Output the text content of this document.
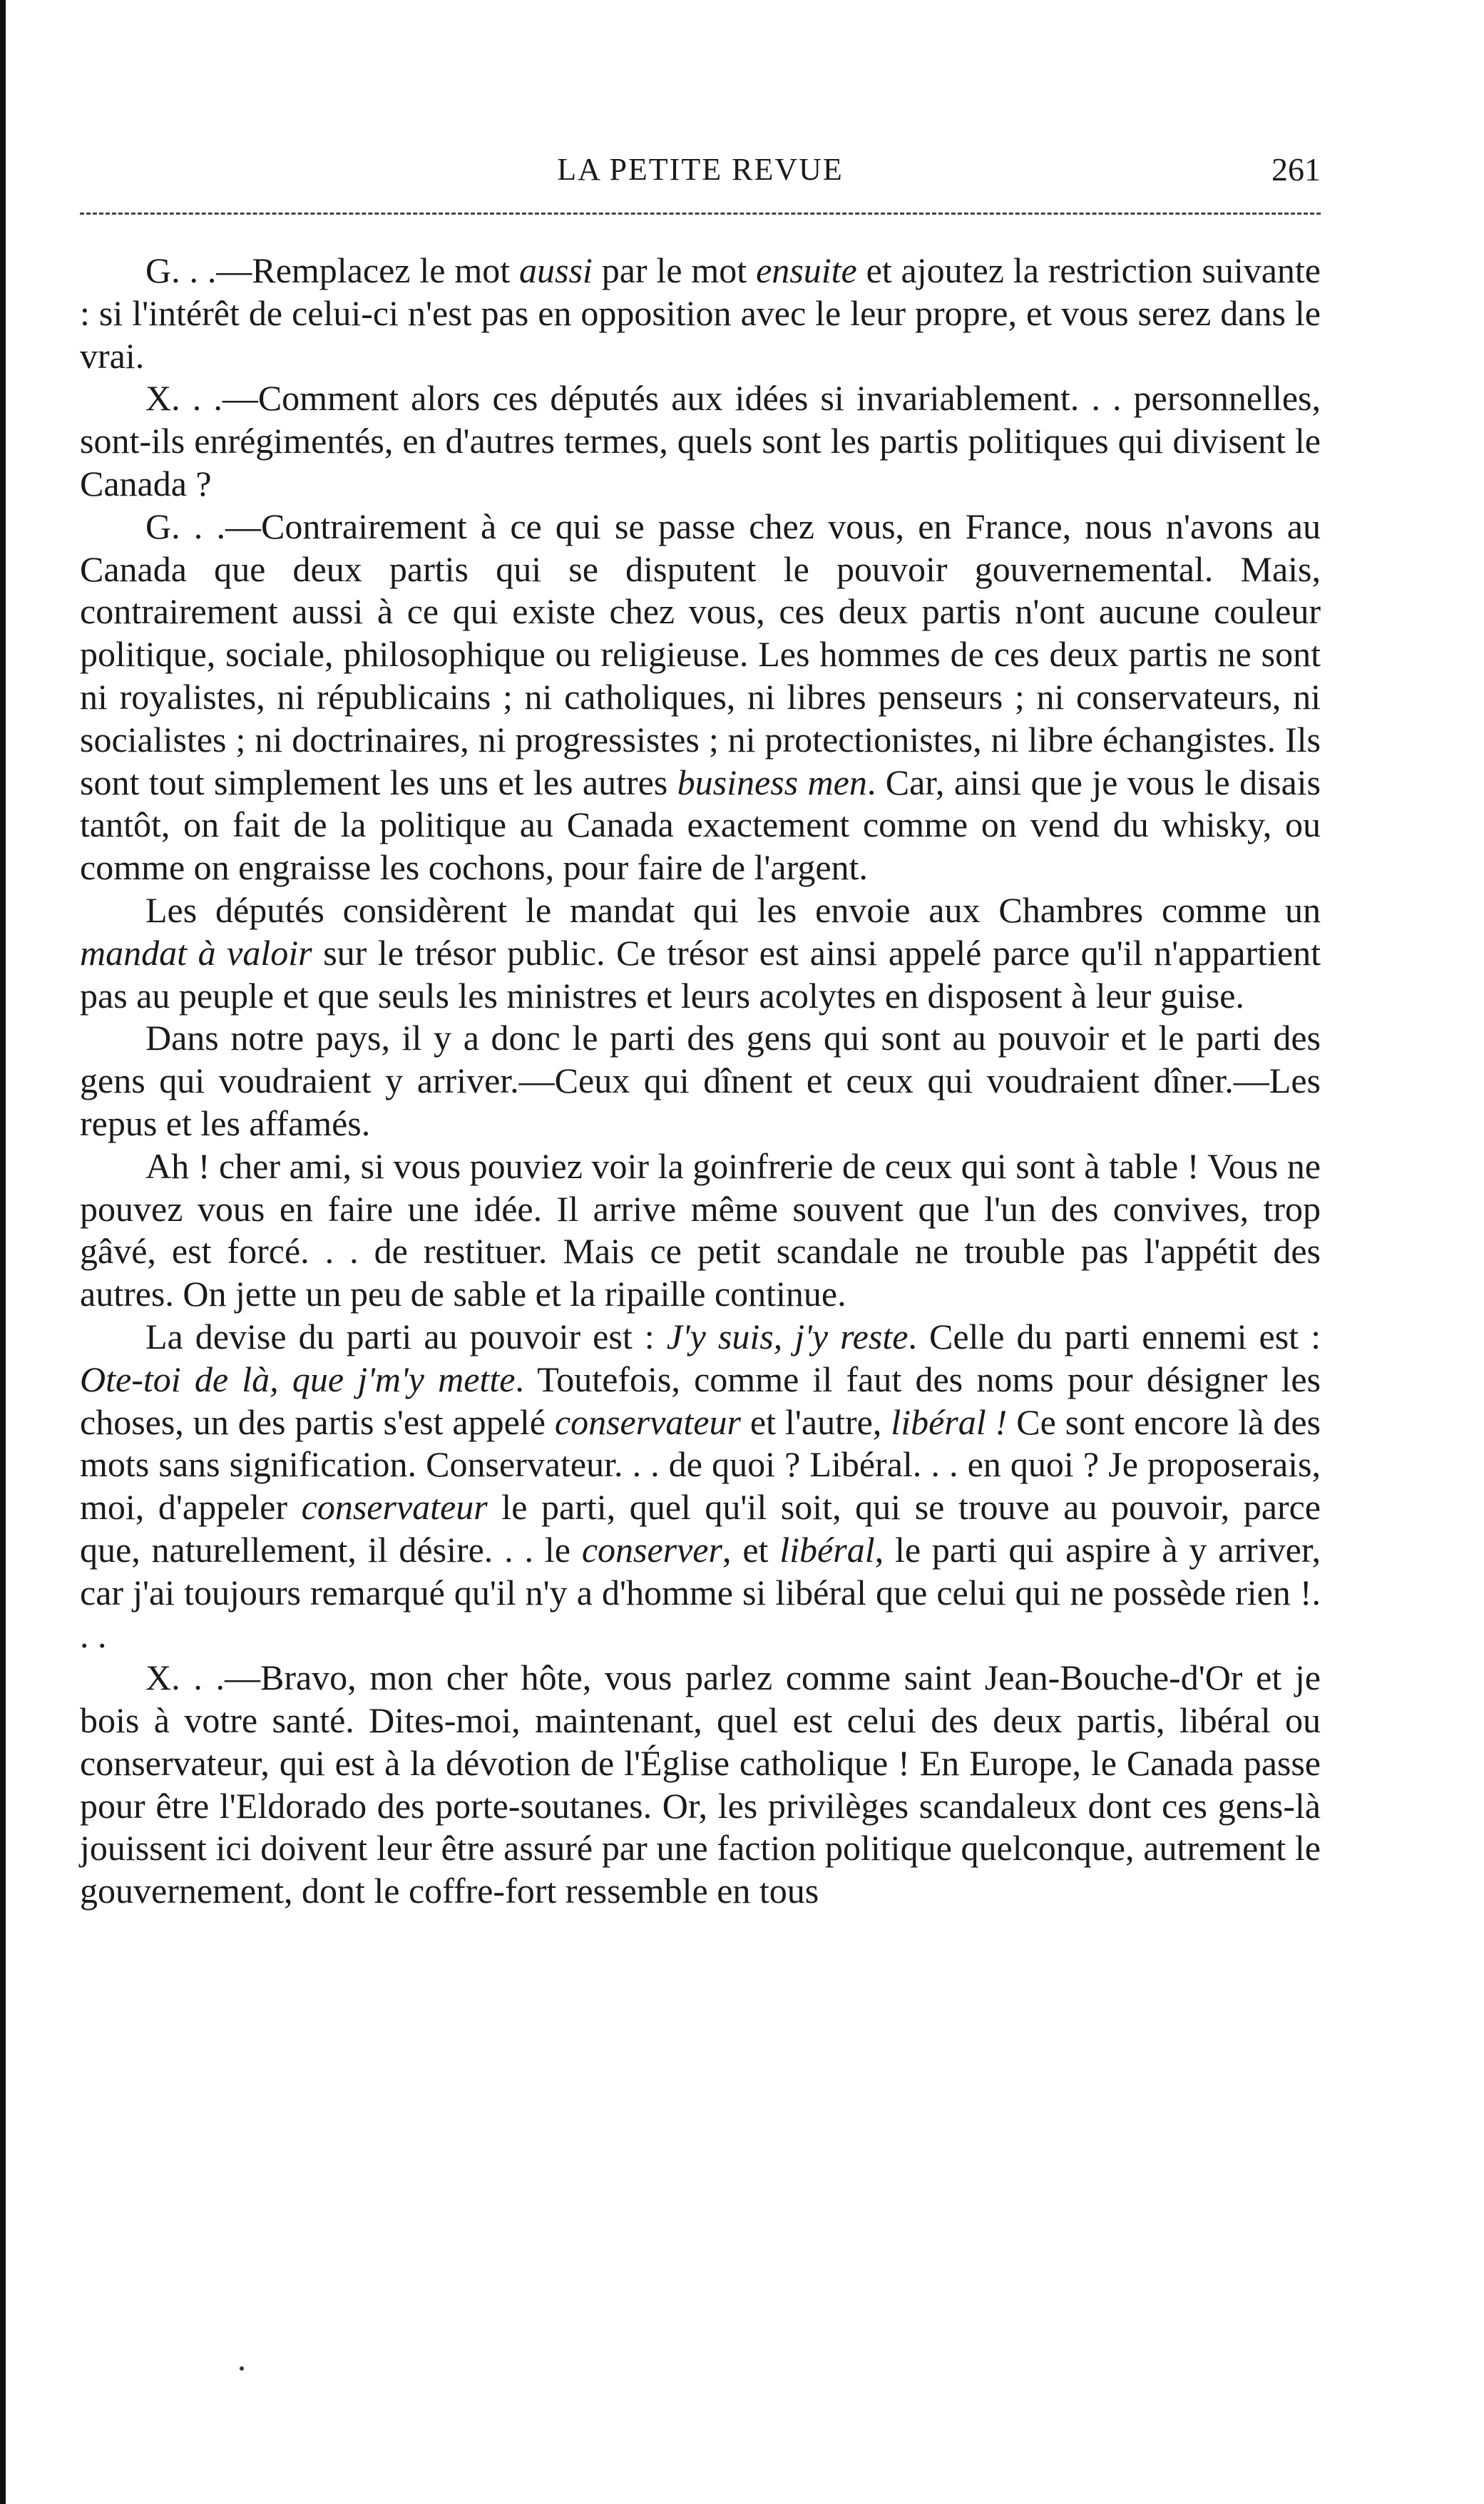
LA PETITE REVUE	261

G. . .—Remplacez le mot aussi par le mot ensuite et ajoutez la restriction suivante : si l'intérêt de celui-ci n'est pas en opposition avec le leur propre, et vous serez dans le vrai.

X. . .—Comment alors ces députés aux idées si invariablement. . . personnelles, sont-ils enrégimentés, en d'autres termes, quels sont les partis politiques qui divisent le Canada ?

G. . .—Contrairement à ce qui se passe chez vous, en France, nous n'avons au Canada que deux partis qui se disputent le pouvoir gouvernemental. Mais, contrairement aussi à ce qui existe chez vous, ces deux partis n'ont aucune couleur politique, sociale, philosophique ou religieuse. Les hommes de ces deux partis ne sont ni royalistes, ni républicains ; ni catholiques, ni libres penseurs ; ni conservateurs, ni socialistes ; ni doctrinaires, ni progressistes ; ni protectionistes, ni libre échangistes. Ils sont tout simplement les uns et les autres business men. Car, ainsi que je vous le disais tantôt, on fait de la politique au Canada exactement comme on vend du whisky, ou comme on engraisse les cochons, pour faire de l'argent.

Les députés considèrent le mandat qui les envoie aux Chambres comme un mandat à valoir sur le trésor public. Ce trésor est ainsi appelé parce qu'il n'appartient pas au peuple et que seuls les ministres et leurs acolytes en disposent à leur guise.

Dans notre pays, il y a donc le parti des gens qui sont au pouvoir et le parti des gens qui voudraient y arriver.—Ceux qui dînent et ceux qui voudraient dîner.—Les repus et les affamés.

Ah ! cher ami, si vous pouviez voir la goinfrerie de ceux qui sont à table ! Vous ne pouvez vous en faire une idée. Il arrive même souvent que l'un des convives, trop gâvé, est forcé. . . de restituer. Mais ce petit scandale ne trouble pas l'appétit des autres. On jette un peu de sable et la ripaille continue.

La devise du parti au pouvoir est : J'y suis, j'y reste. Celle du parti ennemi est : Ote-toi de là, que j'm'y mette. Toutefois, comme il faut des noms pour désigner les choses, un des partis s'est appelé conservateur et l'autre, libéral ! Ce sont encore là des mots sans signification. Conservateur. . . de quoi ? Libéral. . . en quoi ? Je proposerais, moi, d'appeler conservateur le parti, quel qu'il soit, qui se trouve au pouvoir, parce que, naturellement, il désire. . . le conserver, et libéral, le parti qui aspire à y arriver, car j'ai toujours remarqué qu'il n'y a d'homme si libéral que celui qui ne possède rien !. . .

X. . .—Bravo, mon cher hôte, vous parlez comme saint Jean-Bouche-d'Or et je bois à votre santé. Dites-moi, maintenant, quel est celui des deux partis, libéral ou conservateur, qui est à la dévotion de l'Église catholique ! En Europe, le Canada passe pour être l'Eldorado des porte-soutanes. Or, les privilèges scandaleux dont ces gens-là jouissent ici doivent leur être assuré par une faction politique quelconque, autrement le gouvernement, dont le coffre-fort ressemble en tous
